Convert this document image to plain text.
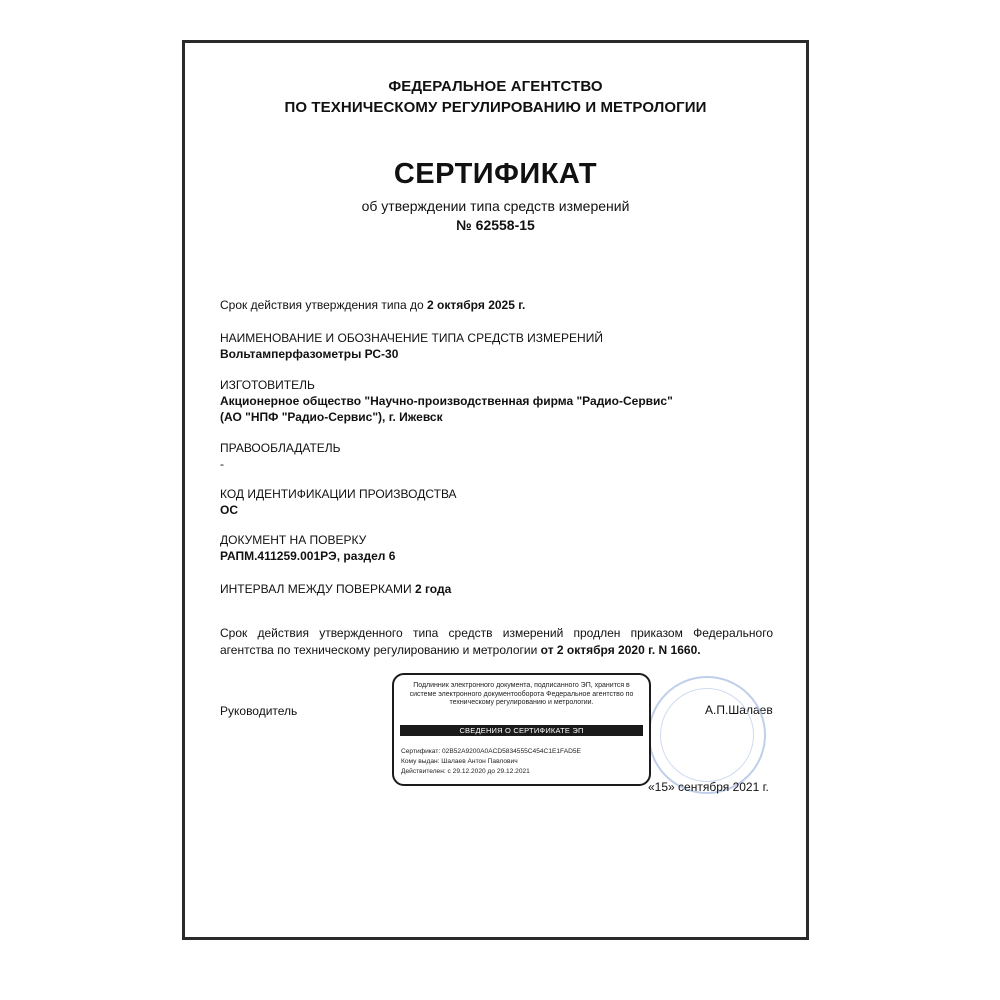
ФЕДЕРАЛЬНОЕ АГЕНТСТВО
ПО ТЕХНИЧЕСКОМУ РЕГУЛИРОВАНИЮ И МЕТРОЛОГИИ
СЕРТИФИКАТ
об утверждении типа средств измерений
№ 62558-15
Срок действия утверждения типа до 2 октября 2025 г.
НАИМЕНОВАНИЕ И ОБОЗНАЧЕНИЕ ТИПА СРЕДСТВ ИЗМЕРЕНИЙ
Вольтамперфазометры РС-30
ИЗГОТОВИТЕЛЬ
Акционерное общество "Научно-производственная фирма "Радио-Сервис"
(АО "НПФ "Радио-Сервис"), г. Ижевск
ПРАВООБЛАДАТЕЛЬ
-
КОД ИДЕНТИФИКАЦИИ ПРОИЗВОДСТВА
ОС
ДОКУМЕНТ НА ПОВЕРКУ
РАПМ.411259.001РЭ, раздел 6
ИНТЕРВАЛ МЕЖДУ ПОВЕРКАМИ 2 года
Срок действия утвержденного типа средств измерений продлен приказом Федерального агентства по техническому регулированию и метрологии от 2 октября 2020 г. N 1660.
Руководитель	А.П.Шалаев
Подлинник электронного документа, подписанного ЭП, хранится в системе электронного документооборота Федеральное агентство по техническому регулированию и метрологии.
СВЕДЕНИЯ О СЕРТИФИКАТЕ ЭП
Сертификат: 02B52A9200A0ACD5834555C454C1E1FAD5E
Кому выдан: Шалаев Антон Павлович
Действителен: с 29.12.2020 до 29.12.2021
«15» сентября 2021 г.
